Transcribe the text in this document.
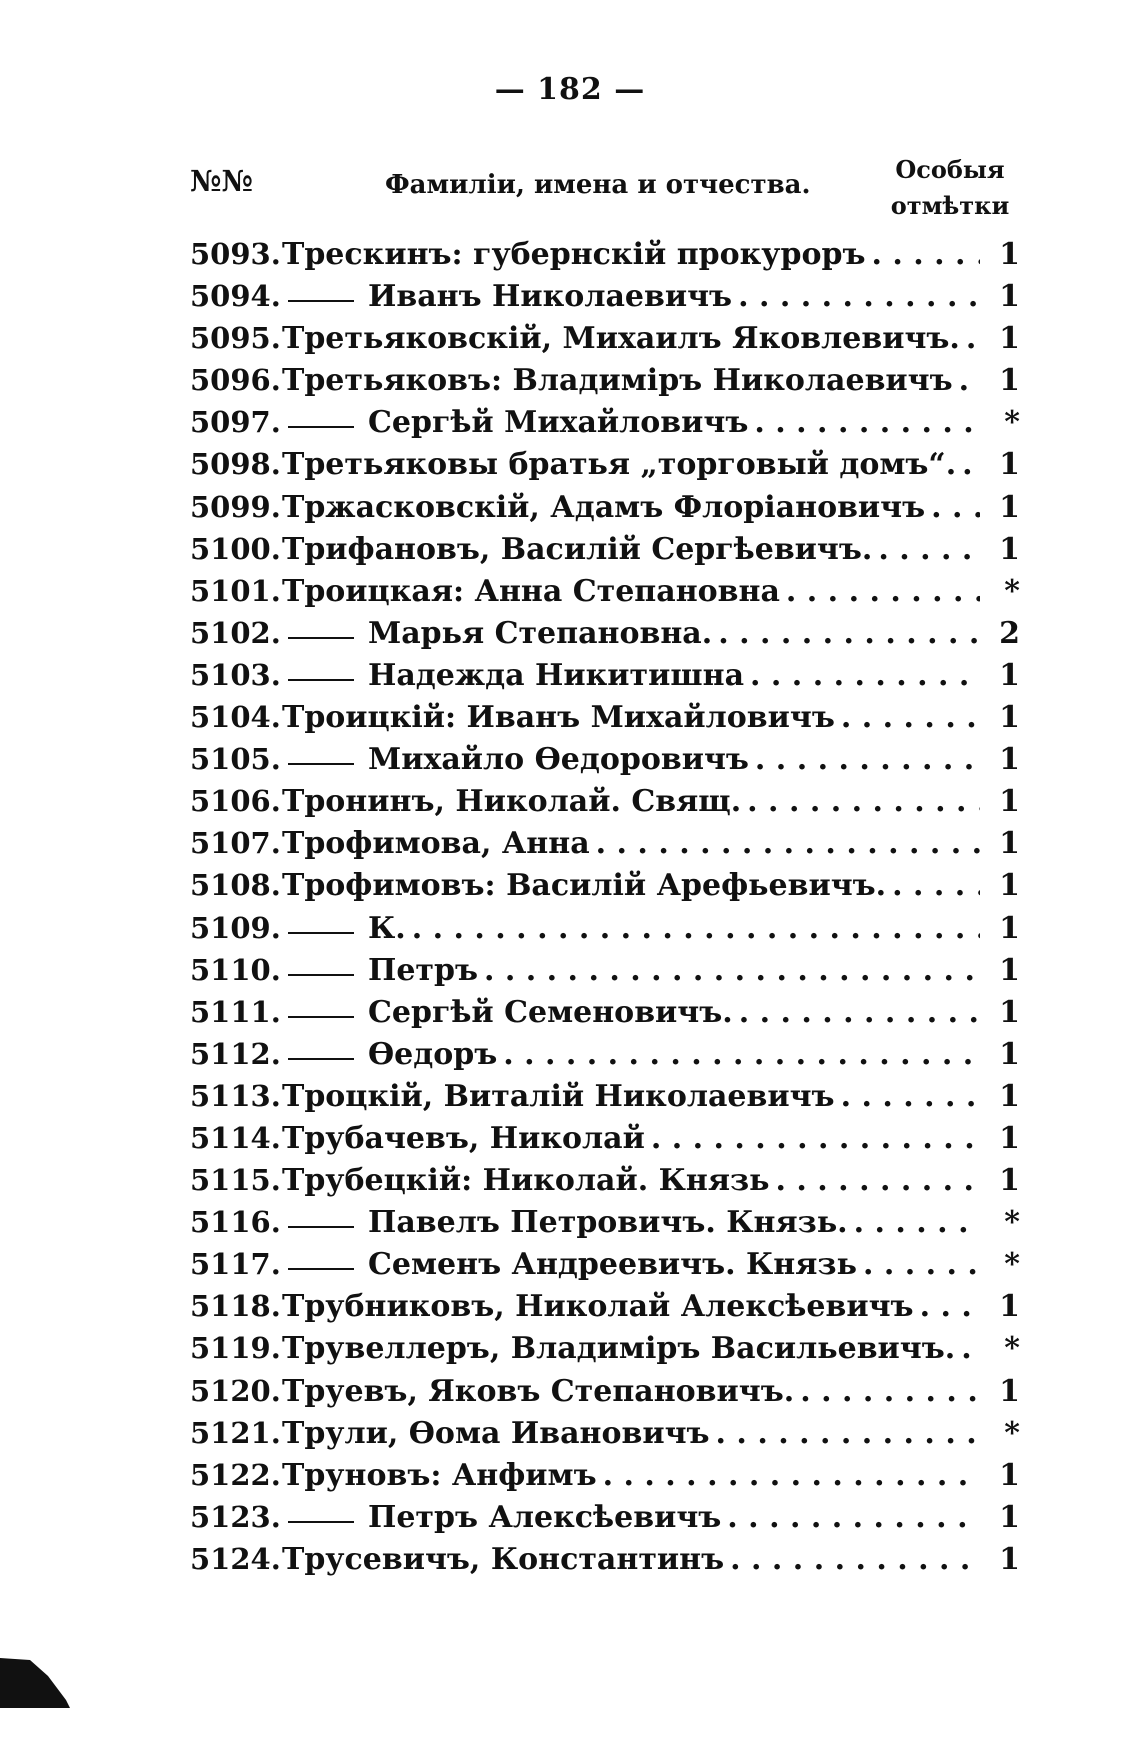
— 182 —
№№	Фамиліи, имена и отчества.
Особыя
отмѣтки
5093. Трескинъ: губернскій прокуроръ . . .	1
5094.	Иванъ Николаевичъ . . .	1
5095. Третьяковскій, Михаилъ Яковлевичъ. . . .	1
5096. Третьяковъ: Владиміръ Николаевичъ . . .	1
5097.	Сергѣй Михайловичъ . . .	*
5098. Третьяковы братья „торговый домъ“. . . .	1
5099. Тржасковскій, Адамъ Флоріановичъ . . .	1
5100. Трифановъ, Василій Сергѣевичъ. . . .	1
5101. Троицкая: Анна Степановна . . .	*
5102.	Марья Степановна. . . .	2
5103.	Надежда Никитишна . . .	1
5104. Троицкій: Иванъ Михайловичъ . . .	1
5105.	Михайло Өедоровичъ . . .	1
5106. Тронинъ, Николай. Свящ. . . .	1
5107. Трофимова, Анна . . .	1
5108. Трофимовъ: Василій Арефьевичъ. . . .	1
5109.	К. . . .	1
5110.	Петръ . . .	1
5111.	Сергѣй Семеновичъ. . . .	1
5112.	Өедоръ . . .	1
5113. Троцкій, Виталій Николаевичъ . . .	1
5114. Трубачевъ, Николай . . .	1
5115. Трубецкій: Николай. Князь . . .	1
5116.	Павелъ Петровичъ. Князь. . . .	*
5117.	Семенъ Андреевичъ. Князь . . .	*
5118. Трубниковъ, Николай Алексѣевичъ . . .	1
5119. Трувеллеръ, Владиміръ Васильевичъ. . . .	*
5120. Труевъ, Яковъ Степановичъ. . . .	1
5121. Трули, Өома Ивановичъ . . .	*
5122. Труновъ: Анфимъ . . .	1
5123.	Петръ Алексѣевичъ . . .	1
5124. Трусевичъ, Константинъ . . .	1
